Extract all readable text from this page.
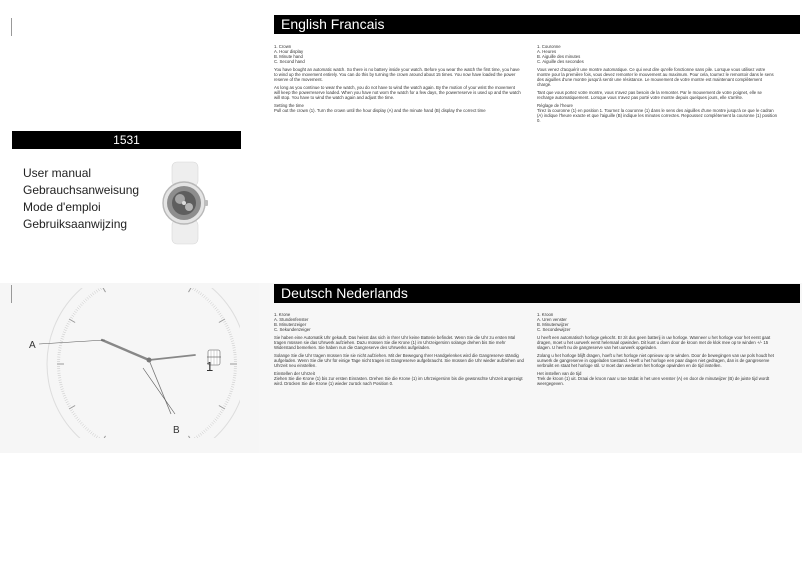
English Francais
Deutsch Nederlands
1531
User manual
Gebrauchsanweisung
Mode d'emploi
Gebruiksaanwijzing
A
B
1

1. Crown
A. Hour display
B. Minute hand
C. Second hand

You have bought an automatic watch. So there is no battery inside your watch. Before you wear the watch the first time, you have to wind up the movement entirely. You can do this by turning the crown around about 15 times. You now have loaded the power reserve of the movement.

As long as you continue to wear the watch, you do not have to wind the watch again. By the motion of your wrist the movement will keep the powerreserve loaded. When you have not worn the watch for a few days, the powerreserve is used up and the watch will stop. You have to wind the watch again and adjust the time.

Setting the time
Pull out the crown (1). Turn the crown until the hour display (A) and the minute hand (B) display the correct time

1. Couronne
A. Heures
B. Aiguille des minutes
C. Aiguille des secondes

Vous venez d'acquérir une montre automatique. Ce qui veut dire qu'elle fonctionne sans pile. Lorsque vous utilisez votre montre pour la première fois, vous devez remonter le mouvement au maximum. Pour cela, tournez le remontoir dans le sens des aiguilles d'une montre jusqu'à sentir une résistance. Le mouvement de votre montre est maintenant complètement chargé.

Tant que vous portez votre montre, vous n'avez pas besoin de la remonter. Par le mouvement de votre poignet, elle se recharge automatiquement. Lorsque vous n'avez pas porté votre montre depuis quelques jours, elle s'arrête.

Réglage de l'heure
Tirez la couronne (1) en position 1. Tournez la couronne (1) dans le sens des aiguilles d'une montre jusqu'à ce que le cadran (A) indique l'heure exacte et que l'aiguille (B) indique les minutes correctes. Repoussez complètement la couronne (1) position 0.

1. Krone
A. Stundenfenster
B. Minutenzeiger
C. Sekundenzeiger

Sie haben eine Automatik Uhr gekauft. Das heisst das sich in Ihrer Uhr keine Batterie befindet. Wenn Sie die Uhr zu ersten Mal tragen müssen sie das Uhrwerk aufziehen. Dazu müssen Sie die Krone (1) im Uhrzeigersinn solange drehen bis Sie mehr Widerstand bemerken. Sie haben nun die Gangreserve des Uhrwerks aufgeladen.

Solange Sie die Uhr tragen müssen Sie sie nicht aufziehen. Mit der Bewegung Ihrer Handgelenkes wird die Gangreserve ständig aufgeladen. Wenn Sie die Uhr für einige Tage nicht tragen ist Gangreserve aufgebraucht. Sie müssen die Uhr wieder aufziehen und Uhrzeit neu einstellen.

Einstellen der Uhrzeit
Ziehen Sie die Krone (1) bis zur ersten Einrasten. Drehen Sie die Krone (1) im Uhrzeigersinn bis die gewünschte Uhrzeit angezeigt wird. Drücken Sie die Krone (1) wieder zurück nach Position 0.

1. Kroon
A. Uren venster
B. Minutenwijzer
C. Secondewijzer

U heeft een automatisch horloge gekocht. Er zit dus geen batterij in uw horloge. Wanneer u het horloge voor het eerst gaat dragen, moet u het uurwerk eerst helemaal opwinden. Dit kunt u doen door de kroon met de klok mee op te winden +/- 15 slagen. U heeft nu de gangreserve van het uurwerk opgeladen.

Zolang u het horloge blijft dragen, hoeft u het horloge niet opnieuw op te winden. Door de bewegingen van uw pols houdt het uurwerk de gangreserve in opgeladen toestand. Heeft u het horloge een paar dagen niet gedragen, dan is de gangreserve verbruikt en staat het horloge stil. U moet dan wederom het horloge opwinden en de tijd instellen.

Het instellen van de tijd
Trek de kroon (1) uit. Draai de kroon naar u toe totdat in het uren venster (A) en door de minutwijzer (B) de juiste tijd wordt weergegeven.
